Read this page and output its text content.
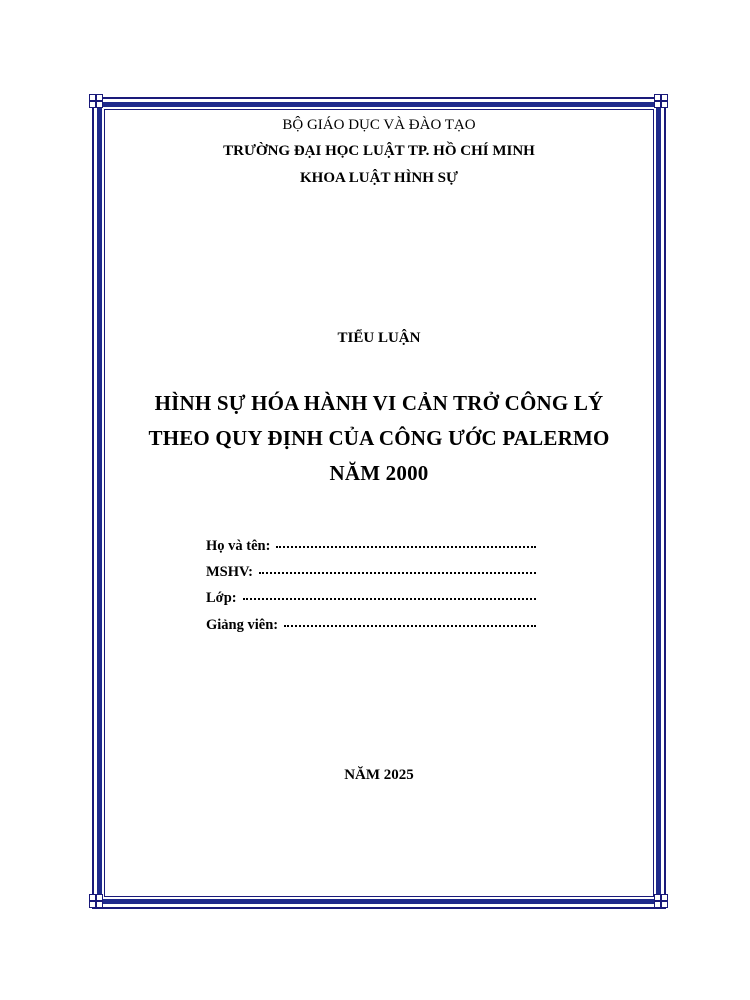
BỘ GIÁO DỤC VÀ ĐÀO TẠO
TRƯỜNG ĐẠI HỌC LUẬT TP. HỒ CHÍ MINH
KHOA LUẬT HÌNH SỰ
TIỂU LUẬN
HÌNH SỰ HÓA HÀNH VI CẢN TRỞ CÔNG LÝ
THEO QUY ĐỊNH CỦA CÔNG ƯỚC PALERMO
NĂM 2000
Họ và tên:
MSHV:
Lớp:
Giảng viên:
NĂM 2025
